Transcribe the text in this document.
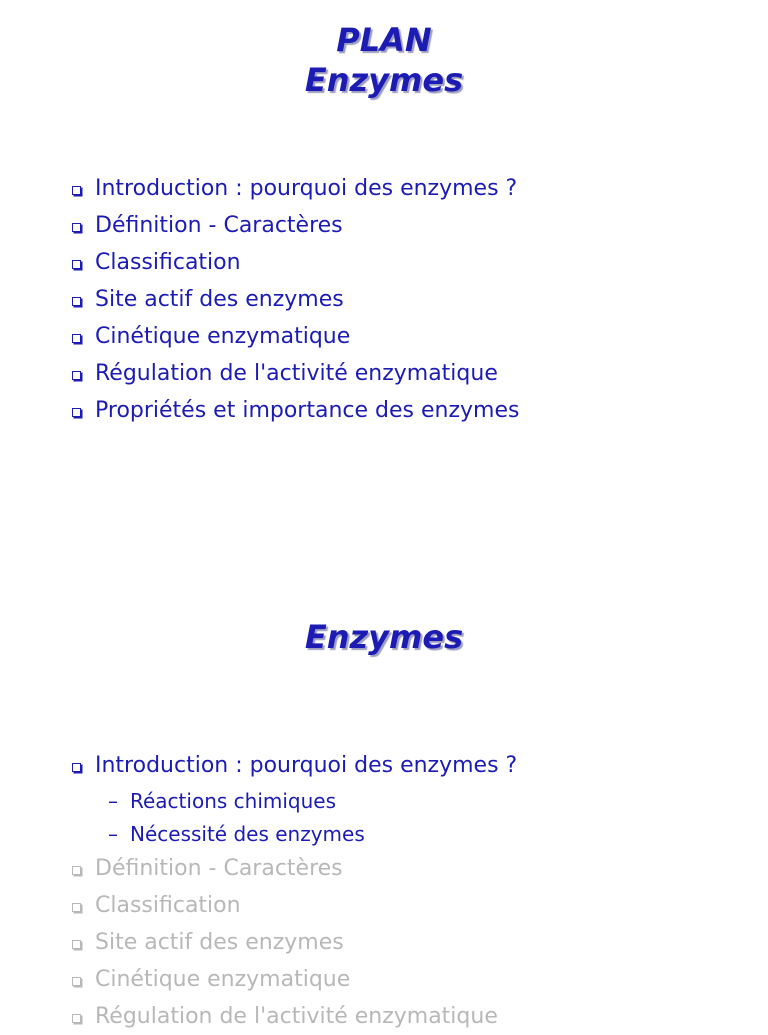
PLAN

Enzymes

Introduction : pourquoi des enzymes ?
Définition - Caractères
Classification
Site actif des enzymes
Cinétique enzymatique
Régulation de l'activité enzymatique
Propriétés et importance des enzymes

Enzymes

Introduction : pourquoi des enzymes ?
– Réactions chimiques
– Nécessité des enzymes
Définition - Caractères
Classification
Site actif des enzymes
Cinétique enzymatique
Régulation de l'activité enzymatique
